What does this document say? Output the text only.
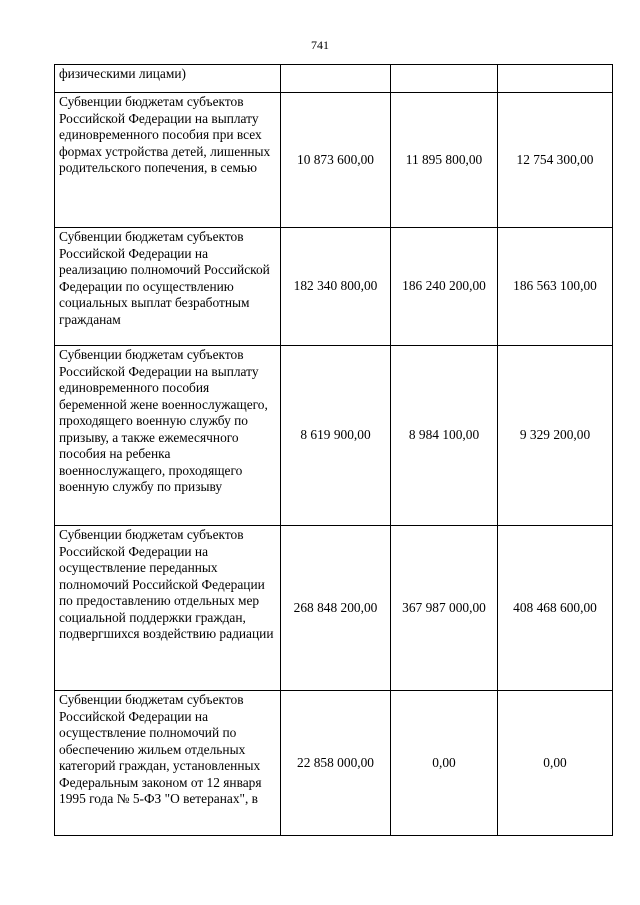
741
физическими лицами)			
Субвенции бюджетам субъектов Российской Федерации на выплату единовременного пособия при всех формах устройства детей, лишенных родительского попечения, в семью	10 873 600,00	11 895 800,00	12 754 300,00
Субвенции бюджетам субъектов Российской Федерации на реализацию полномочий Российской Федерации по осуществлению социальных выплат безработным гражданам	182 340 800,00	186 240 200,00	186 563 100,00
Субвенции бюджетам субъектов Российской Федерации на выплату единовременного пособия беременной жене военнослужащего, проходящего военную службу по призыву, а также ежемесячного пособия на ребенка военнослужащего, проходящего военную службу по призыву	8 619 900,00	8 984 100,00	9 329 200,00
Субвенции бюджетам субъектов Российской Федерации на осуществление переданных полномочий Российской Федерации по предоставлению отдельных мер социальной поддержки граждан, подвергшихся воздействию радиации	268 848 200,00	367 987 000,00	408 468 600,00
Субвенции бюджетам субъектов Российской Федерации на осуществление полномочий по обеспечению жильем отдельных категорий граждан, установленных Федеральным законом от 12 января 1995 года № 5-ФЗ "О ветеранах", в	22 858 000,00	0,00	0,00
